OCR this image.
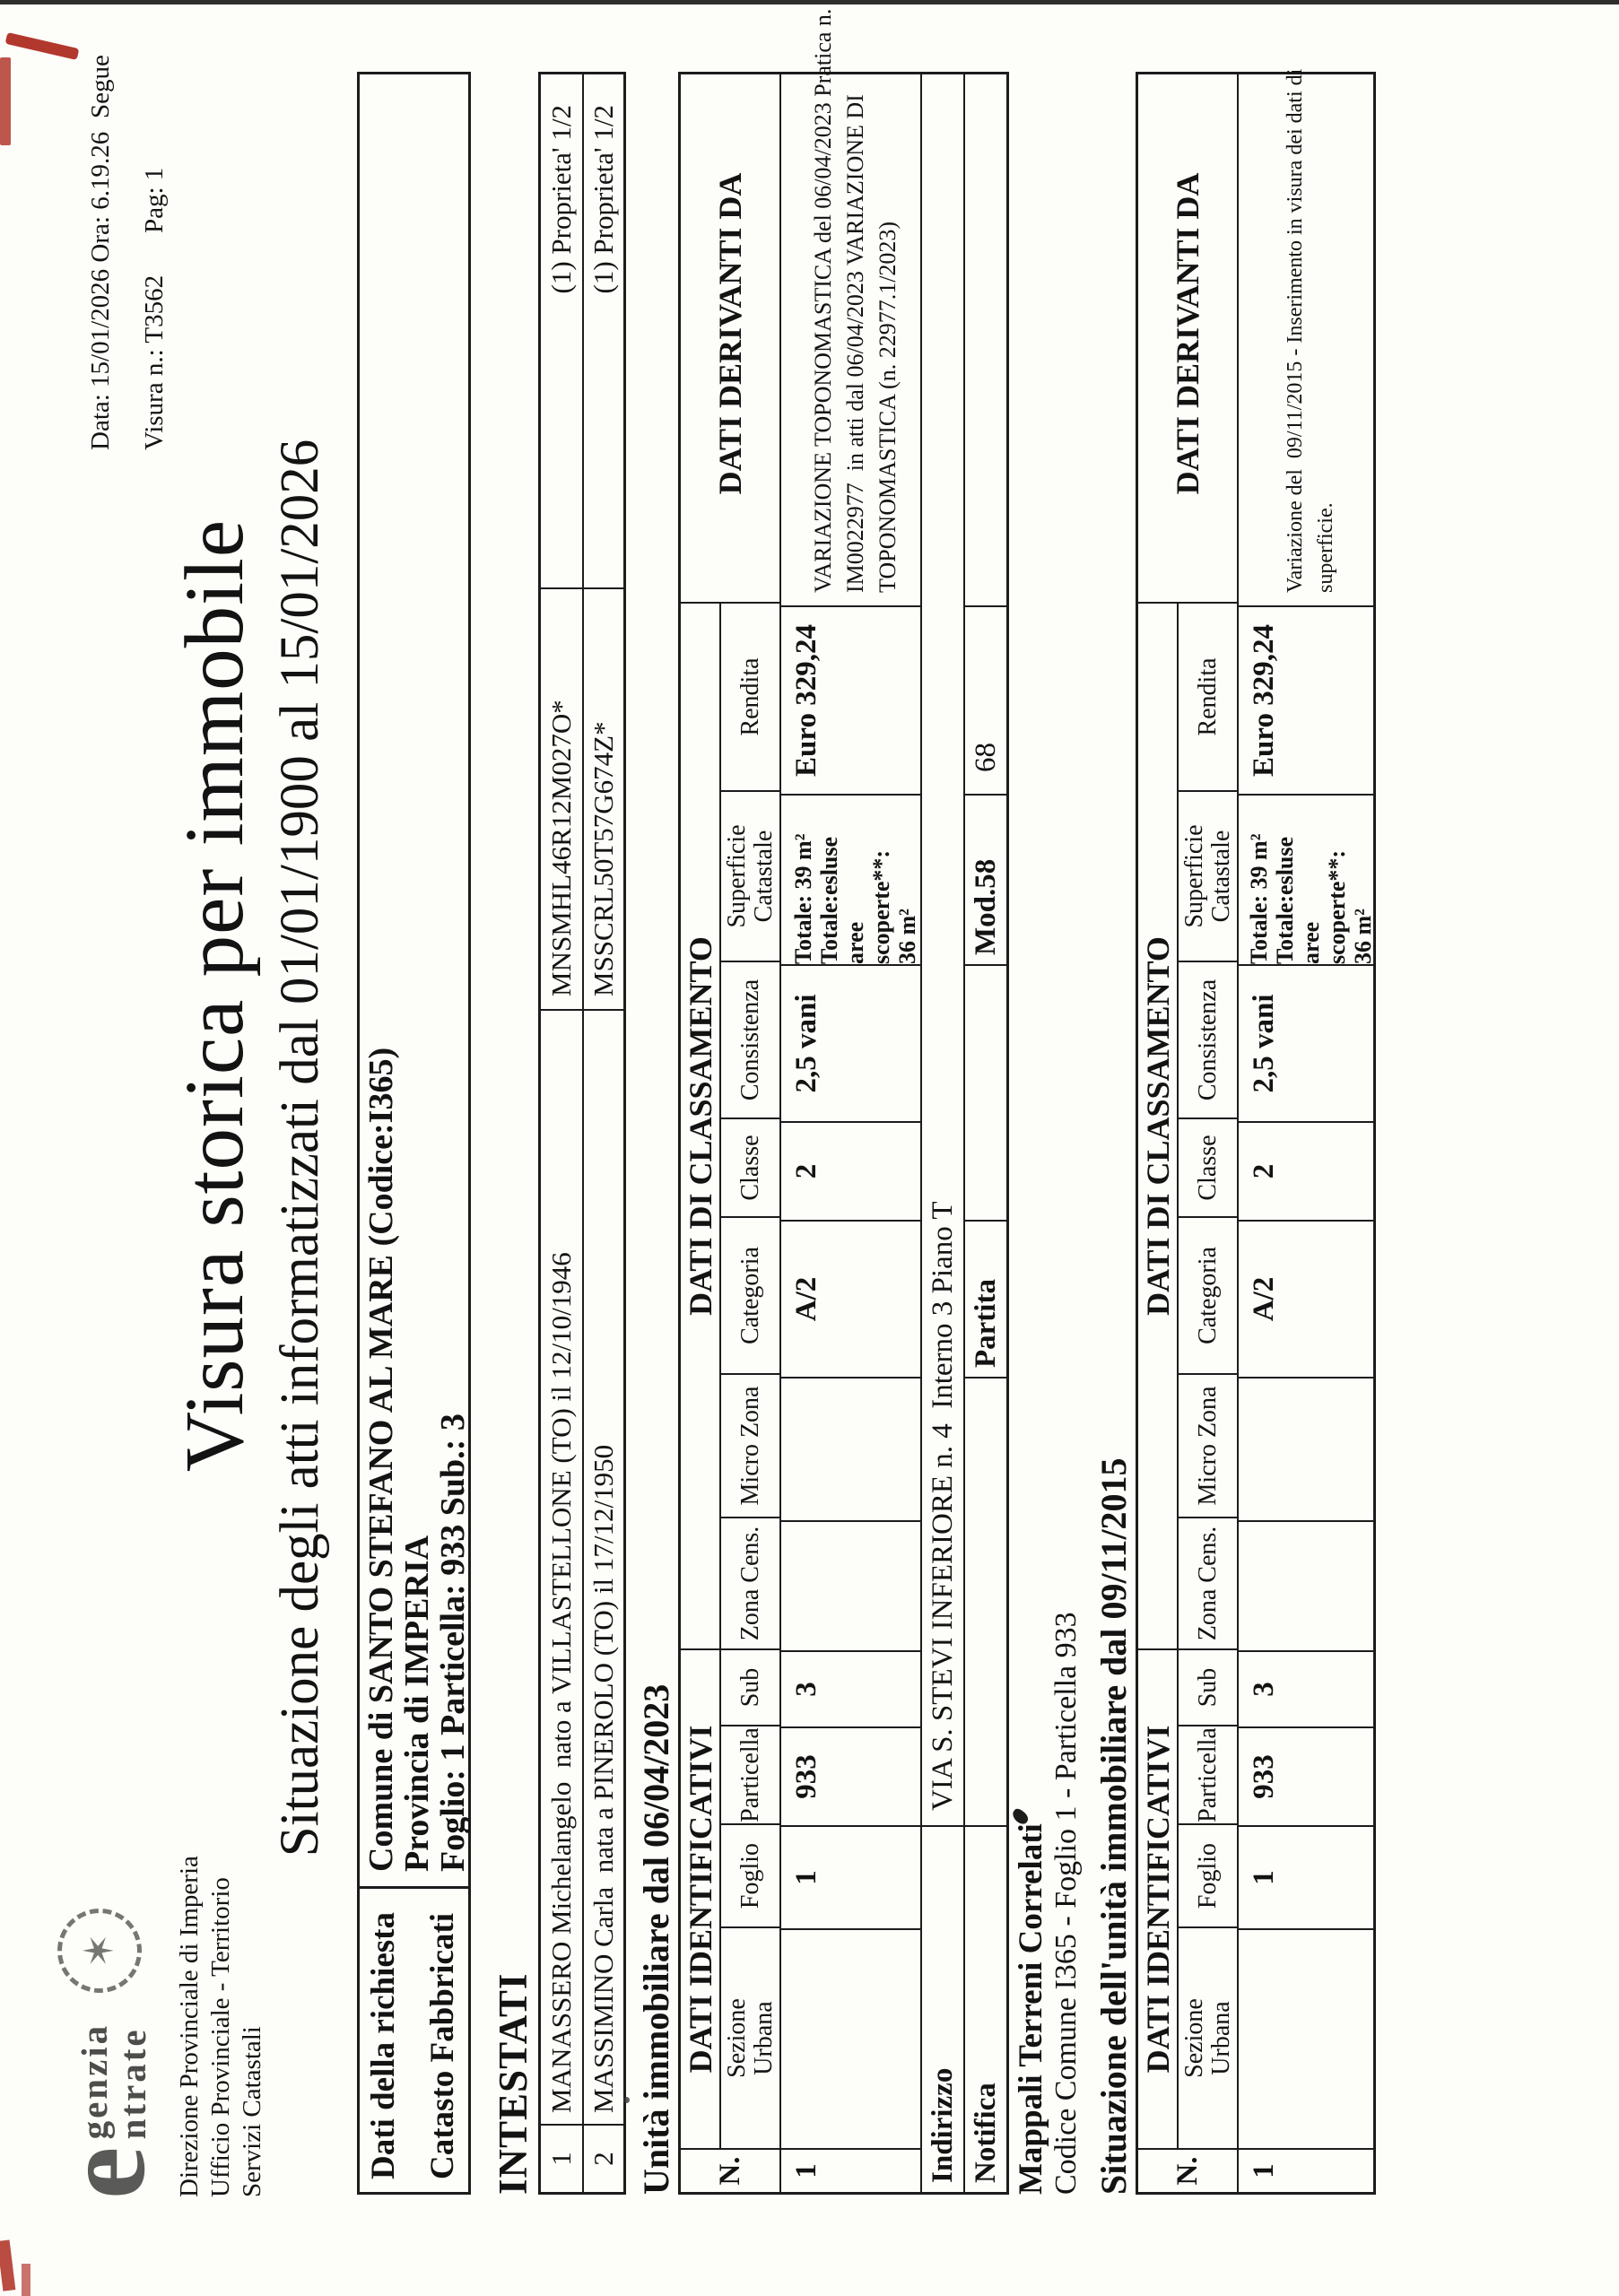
e
genzia
ntrate
✶ Direzione Provinciale di Imperia Ufficio Provinciale - Territorio Servizi Catastali
Data: 15/01/2026 Ora: 6.19.26
Segue
Visura n.: T3562
Pag: 1
Visura storica per immobile Situazione degli atti informatizzati dal 01/01/1900 al 15/01/2026
Dati della richiesta Catasto Fabbricati
Comune di SANTO STEFANO AL MARE (Codice:I365)
Provincia di IMPERIA
Foglio: 1 Particella: 933 Sub.: 3
INTESTATI 1
MANASSERO Michelangelo  nato a VILLASTELLONE (TO) il 12/10/1946
MNSMHL46R12M027O*
(1) Proprieta' 1/2
2
MASSIMINO Carla  nata a PINEROLO (TO) il 17/12/1950
MSSCRL50T57G674Z*
(1) Proprieta' 1/2
Unità immobiliare dal 06/04/2023	N.
DATI IDENTIFICATIVI Sezione Urbana
Foglio
Particella
Sub
DATI DI CLASSAMENTO
Zona Cens.
Micro Zona
Categoria
Classe
Consistenza
Superficie Catastale
Rendita
DATI DERIVANTI DA
1
1
933
3
A/2
2
2,5 vani
Totale: 39 m² Totale:esluse aree scoperte**: 36 m²
Euro 329,24
VARIAZIONE TOPONOMASTICA del 06/04/2023 Pratica n. IM0022977  in atti dal 06/04/2023 VARIAZIONE DI TOPONOMASTICA (n. 22977.1/2023)
Indirizzo
VIA S. STEVI INFERIORE n. 4  Interno 3 Piano T
Notifica
Partita
Mod.58
68
Mappali Terreni Correlati Codice Comune I365 - Foglio 1 - Particella 933 Situazione dell'unità immobiliare dal 09/11/2015	N.
DATI IDENTIFICATIVI Sezione Urbana
Foglio
Particella
Sub
DATI DI CLASSAMENTO
Zona Cens.
Micro Zona
Categoria
Classe
Consistenza
Superficie Catastale
Rendita
DATI DERIVANTI DA
1
1
933
3
A/2
2
2,5 vani
Totale: 39 m² Totale:esluse aree scoperte**: 36 m²
Euro 329,24
Variazione del  09/11/2015 - Inserimento in visura dei dati di superficie.
